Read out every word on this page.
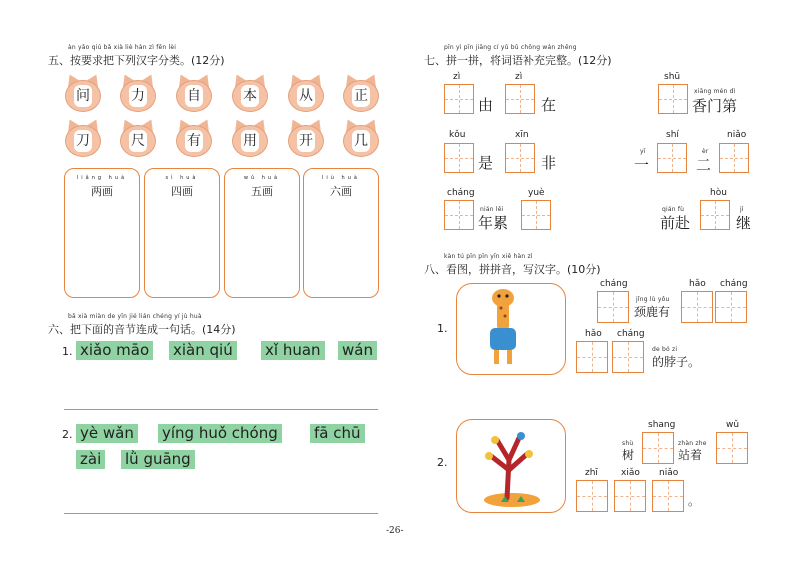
àn yāo qiú bǎ xià liè hàn zì fēn lèi
五、按要求把下列汉字分类。(12分)
问	力	自	本	从	正
刀	尺	有	用	开	几
liǎng huà
两画
sì huà
四画
wǔ huà
五画
liù huà
六画
bǎ xià miàn de yīn jié lián chéng yí jù huà
六、把下面的音节连成一句话。(14分)
1. xiǎo māo xiàn qiú xǐ huan wán
2. yè wǎn yíng huǒ chóng fā chū
zài lǜ guāng
pīn yì pīn jiāng cí yǔ bǔ chōng wán zhěng
七、拼一拼，将词语补充完整。(12分)
zì
由
zì
在
shū
xiāng mén dì
香门第
kǒu
是
xīn
非
yī
一
shí
èr
二
niǎo
cháng
nián lěi
年累
yuè	hòu
qián fù
前赴
jì
继
kàn tú pīn pīn yīn xiě hàn zì
八、看图，拼拼音，写汉字。(10分)
1.
cháng
jǐng lù yǒu
颈鹿有
hǎo cháng
hǎo cháng
de bó zi
的脖子。
2.
shù
树
shang
zhàn zhe
站着
wǔ
zhī	xiǎo niǎo
。
-26-
